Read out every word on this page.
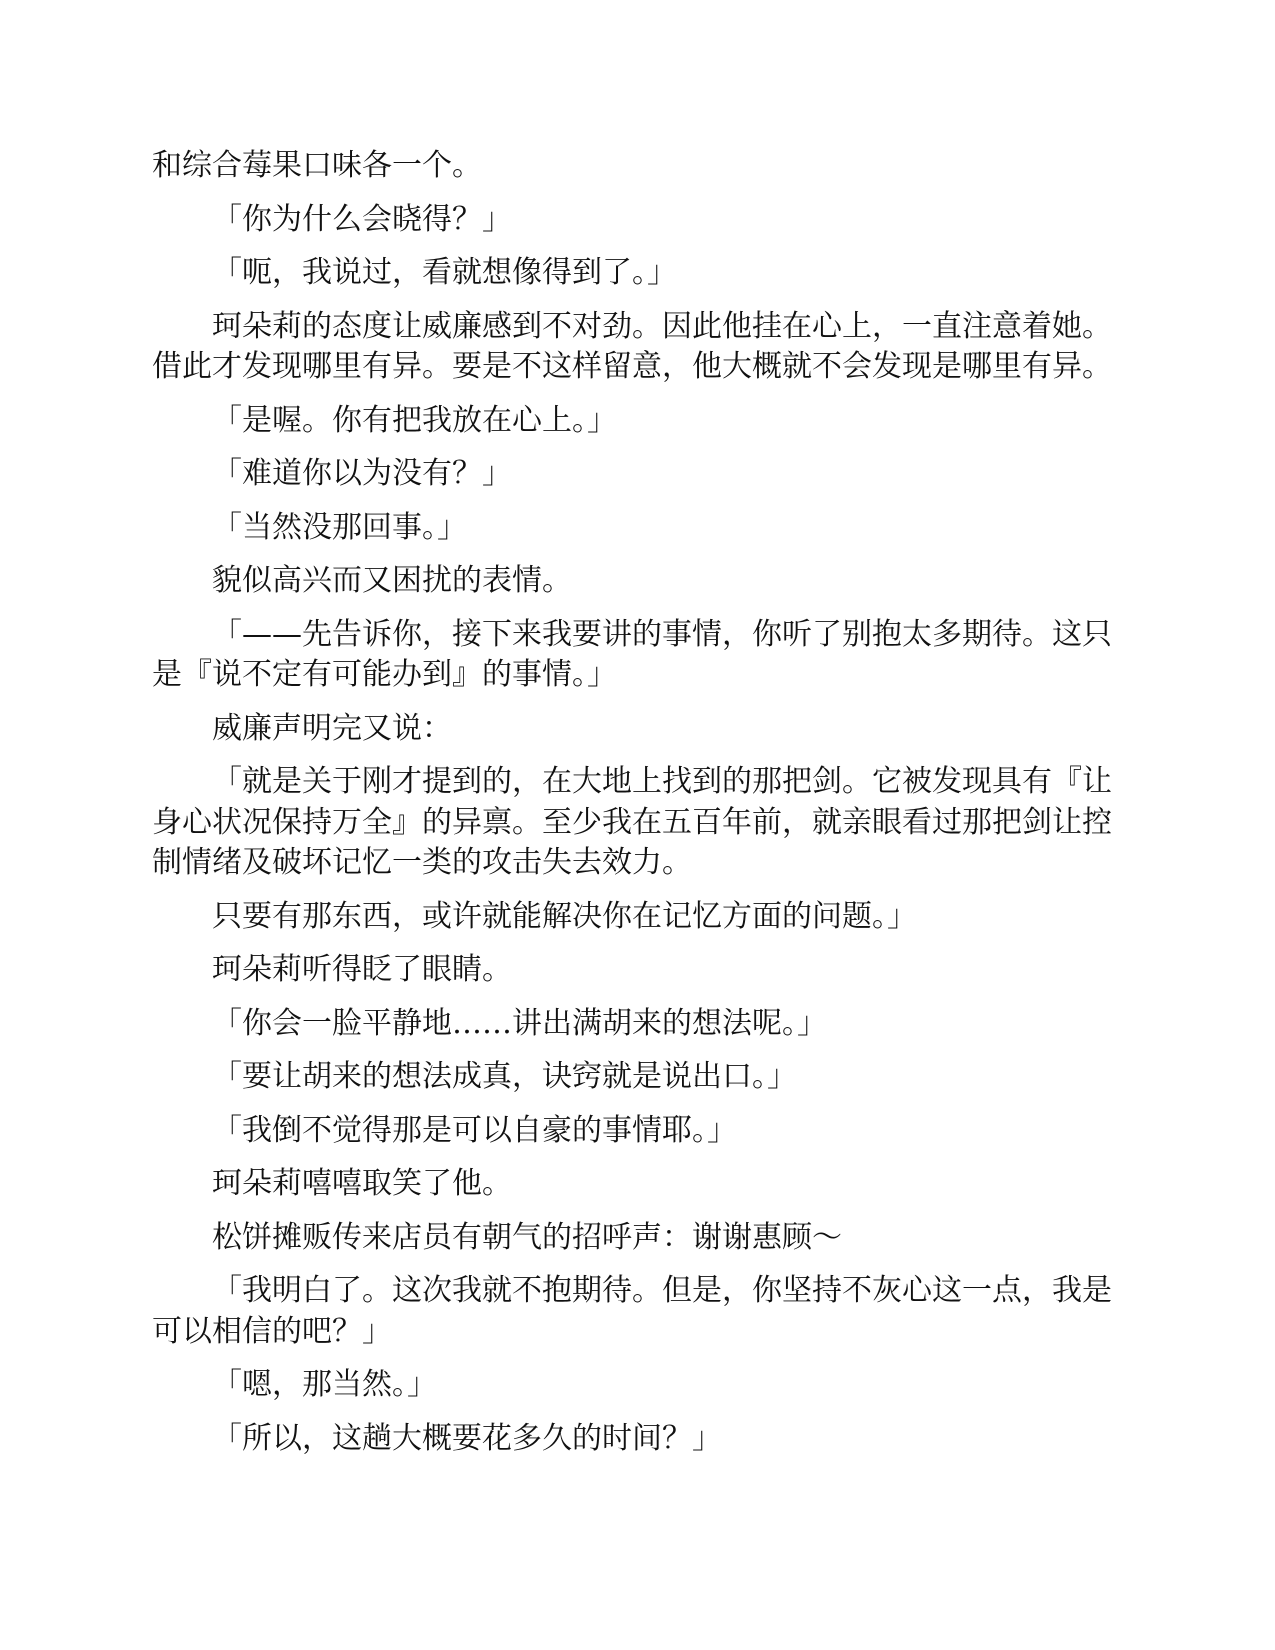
和综合莓果口味各一个。

「你为什么会晓得？」

「呃，我说过，看就想像得到了。」

珂朵莉的态度让威廉感到不对劲。因此他挂在心上，一直注意着她。借此才发现哪里有异。要是不这样留意，他大概就不会发现是哪里有异。

「是喔。你有把我放在心上。」

「难道你以为没有？」

「当然没那回事。」

貌似高兴而又困扰的表情。

「——先告诉你，接下来我要讲的事情，你听了别抱太多期待。这只是『说不定有可能办到』的事情。」

威廉声明完又说：

「就是关于刚才提到的，在大地上找到的那把剑。它被发现具有『让身心状况保持万全』的异禀。至少我在五百年前，就亲眼看过那把剑让控制情绪及破坏记忆一类的攻击失去效力。

只要有那东西，或许就能解决你在记忆方面的问题。」

珂朵莉听得眨了眼睛。

「你会一脸平静地……讲出满胡来的想法呢。」

「要让胡来的想法成真，诀窍就是说出口。」

「我倒不觉得那是可以自豪的事情耶。」

珂朵莉嘻嘻取笑了他。

松饼摊贩传来店员有朝气的招呼声：谢谢惠顾～

「我明白了。这次我就不抱期待。但是，你坚持不灰心这一点，我是可以相信的吧？」

「嗯，那当然。」

「所以，这趟大概要花多久的时间？」
